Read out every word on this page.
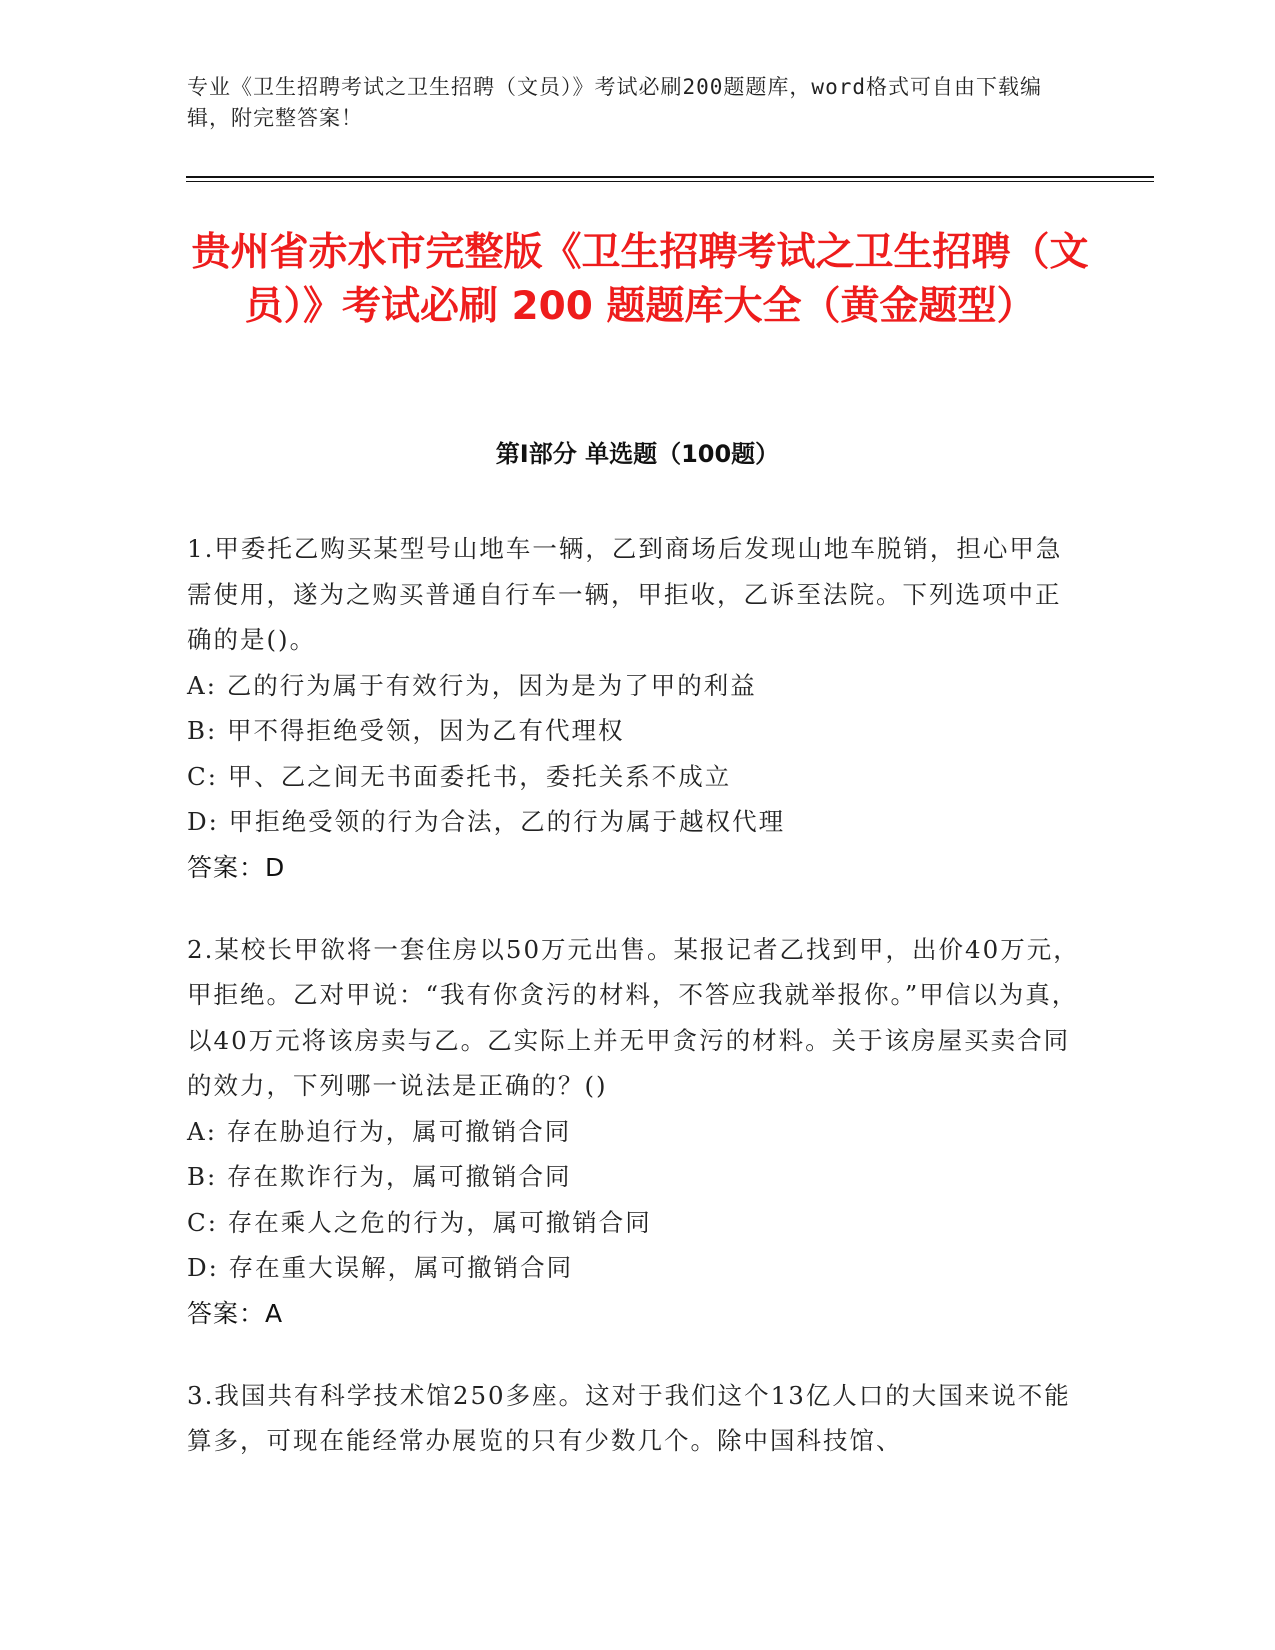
专业《卫生招聘考试之卫生招聘（文员）》考试必刷200题题库，word格式可自由下载编辑，附完整答案！
贵州省赤水市完整版《卫生招聘考试之卫生招聘（文员）》考试必刷 200 题题库大全（黄金题型）
第Ⅰ部分 单选题（100题）

1.甲委托乙购买某型号山地车一辆，乙到商场后发现山地车脱销，担心甲急需使用，遂为之购买普通自行车一辆，甲拒收，乙诉至法院。下列选项中正确的是()。

A: 乙的行为属于有效行为，因为是为了甲的利益

B: 甲不得拒绝受领，因为乙有代理权

C: 甲、乙之间无书面委托书，委托关系不成立

D: 甲拒绝受领的行为合法，乙的行为属于越权代理

答案：D

2.某校长甲欲将一套住房以50万元出售。某报记者乙找到甲，出价40万元，甲拒绝。乙对甲说：“我有你贪污的材料，不答应我就举报你。”甲信以为真，以40万元将该房卖与乙。乙实际上并无甲贪污的材料。关于该房屋买卖合同的效力，下列哪一说法是正确的？()

A: 存在胁迫行为，属可撤销合同

B: 存在欺诈行为，属可撤销合同

C: 存在乘人之危的行为，属可撤销合同

D: 存在重大误解，属可撤销合同

答案：A

3.我国共有科学技术馆250多座。这对于我们这个13亿人口的大国来说不能算多，可现在能经常办展览的只有少数几个。除中国科技馆、
